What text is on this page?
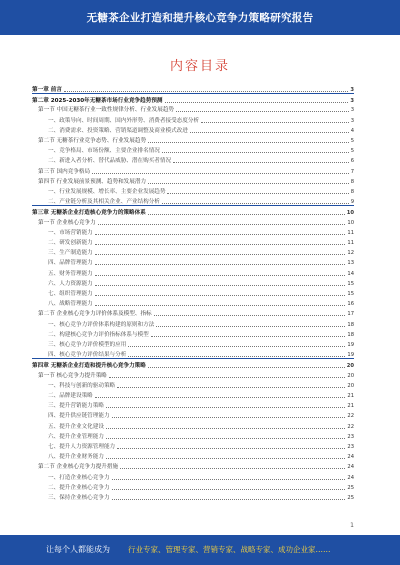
无糖茶企业打造和提升核心竞争力策略研究报告
内容目录
第一章 前言	3
第二章 2025-2030年无糖茶市场行业竞争趋势预测	3
第一节 中国无糖茶行业一致性规律分析、行业发展趋势	3
一、政策导向、时间周期、国内外形势、消费者接受态度分析	3
二、消费需求、投资策略、营销渠道调整及商业模式改进	4
第二节 无糖茶行业竞争态势、行业发展趋势	5
一、竞争格局、市场份额、主要企业排名情况	5
二、新进入者分析、替代品威胁、潜在购买者情况	6
第三节 国内竞争格局	7
第四节 行业发展前景预测、趋势和发展潜力	8
一、行业发展规模、增长率、主要企业发展趋势	8
二、产业链分析及其相关企业、产业结构分析	9
第三章 无糖茶企业打造核心竞争力的策略体系	10
第一节 企业核心竞争力	10
一、市场营销能力	11
二、研发创新能力	11
三、生产制造能力	12
四、品牌管理能力	13
五、财务管理能力	14
六、人力资源能力	15
七、组织管理能力	15
八、战略管理能力	16
第二节 企业核心竞争力评价体系及模型、指标	17
一、核心竞争力评价体系构建的原则和方法	18
二、构建核心竞争力评价指标体系与模型	18
三、核心竞争力评价模型的应用	19
四、核心竞争力评价结果与分析	19
第四章 无糖茶企业打造和提升核心竞争力策略	20
第一节 核心竞争力提升策略	20
一、科技与创新的驱动策略	20
二、品牌建设策略	21
三、提升营销能力策略	21
四、提升供应链管理能力	22
五、提升企业文化建设	22
六、提升企业管理能力	23
七、提升人力资源管理能力	23
八、提升企业财务能力	24
第二节 企业核心竞争力提升措施	24
一、打造企业核心竞争力	24
二、提升企业核心竞争力	25
三、保持企业核心竞争力	25
1
让每个人都能成为 行业专家、管理专家、营销专家、战略专家、成功企业家……
